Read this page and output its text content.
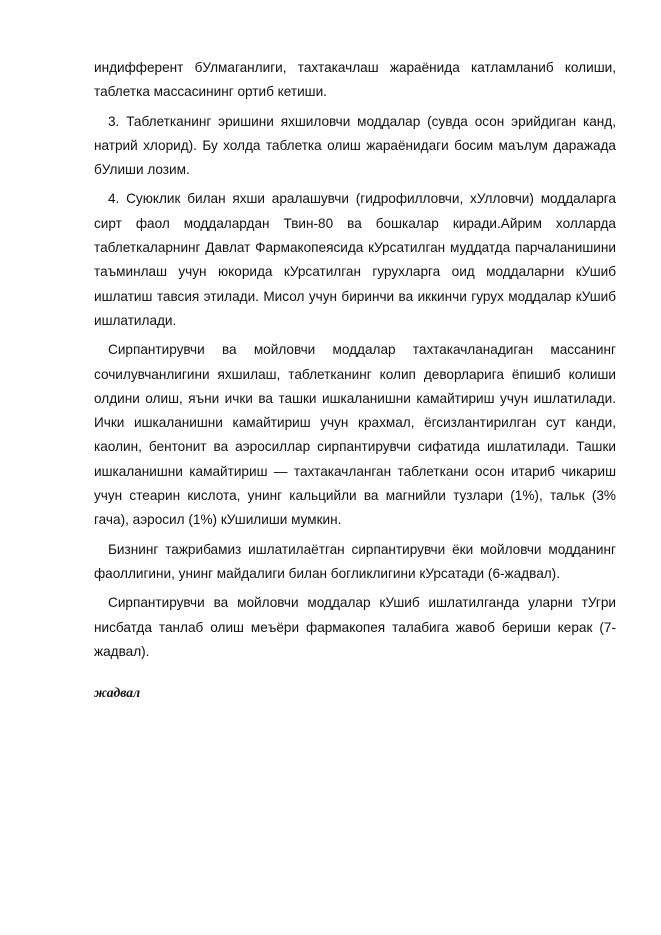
индифферент бУлмаганлиги, тахтакачлаш жараёнида катламланиб колиши, таблетка массасининг ортиб кетиши.

3. Таблетканинг эришини яхшиловчи моддалар (сувда осон эрийдиган канд, натрий хлорид). Бу холда таблетка олиш жараёнидаги босим маълум даражада бУлиши лозим.

4. Суюклик билан яхши аралашувчи (гидрофилловчи, хУлловчи) моддаларга сирт фаол моддалардан Твин-80 ва бошкалар киради.Айрим холларда таблеткаларнинг Давлат Фармакопеясида кУрсатилган муддатда парчаланишини таъминлаш учун юкорида кУрсатилган гурухларга оид моддаларни кУшиб ишлатиш тавсия этилади. Мисол учун биринчи ва иккинчи гурух моддалар кУшиб ишлатилади.

Сирпантирувчи ва мойловчи моддалар тахтакачланадиган массанинг сочилувчанлигини яхшилаш, таблетканинг колип деворларига ёпишиб колиши олдини олиш, яъни ички ва ташки ишкаланишни камайтириш учун ишлатилади. Ички ишкаланишни камайтириш учун крахмал, ёгсизлантирилган сут канди, каолин, бентонит ва аэросиллар сирпантирувчи сифатида ишлатилади. Ташки ишкаланишни камайтириш — тахтакачланган таблеткани осон итариб чикариш учун стеарин кислота, унинг кальцийли ва магнийли тузлари (1%), тальк (3% гача), аэросил (1%) кУшилиши мумкин.

Бизнинг тажрибамиз ишлатилаётган сирпантирувчи ёки мойловчи модданинг фаоллигини, унинг майдалиги билан богликлигини кУрсатади (6-жадвал).

Сирпантирувчи ва мойловчи моддалар кУшиб ишлатилганда уларни тУгри нисбатда танлаб олиш меъёри фармакопея талабига жавоб бериши керак (7-жадвал).

жадвал
